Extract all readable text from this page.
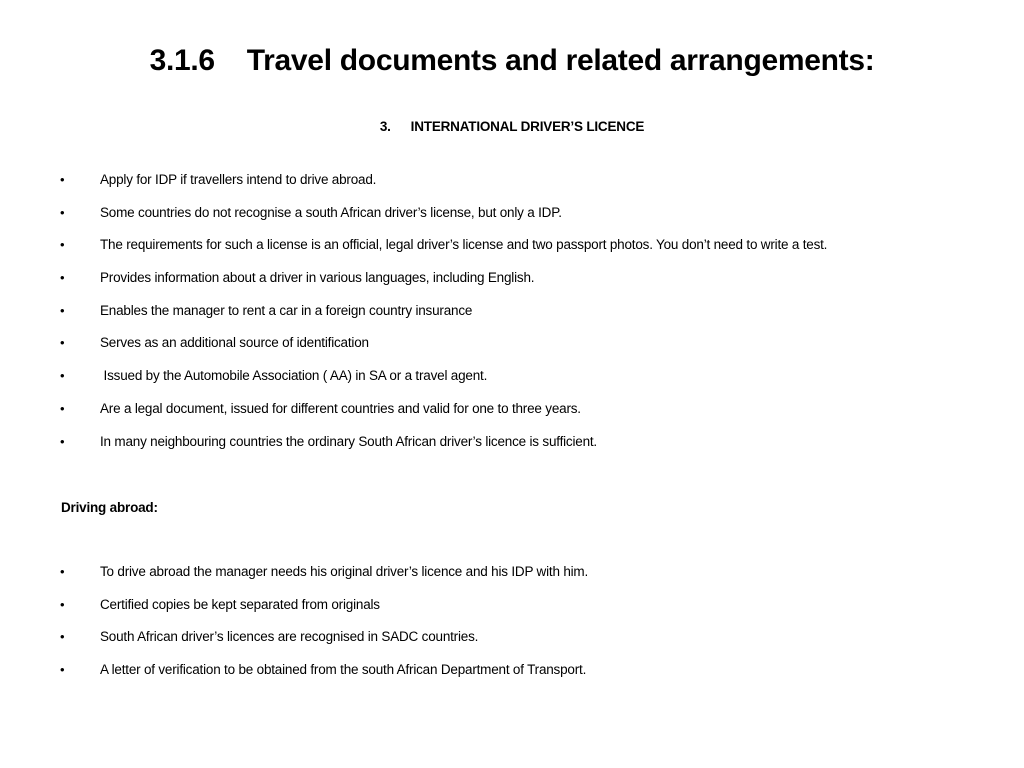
3.1.6 Travel documents and related arrangements:
3. INTERNATIONAL DRIVER’S LICENCE
•	Apply for IDP if travellers intend to drive abroad.
•	Some countries do not recognise a south African driver’s license, but only a IDP.
•	The requirements for such a license is an official, legal driver’s license and two passport photos. You don’t need to write a test.
•	Provides information about a driver in various languages, including English.
•	Enables the manager to rent a car in a foreign country insurance
•	Serves as an additional source of identification
•	Issued by the Automobile Association ( AA) in SA or a travel agent.
•	Are a legal document, issued for different countries and valid for one to three years.
•	In many neighbouring countries the ordinary South African driver’s licence is sufficient.
Driving abroad:
•	To drive abroad the manager needs his original driver’s licence and his IDP with him.
•	Certified copies be kept separated from originals
•	South African driver’s licences are recognised in SADC countries.
•	A letter of verification to be obtained from the south African Department of Transport.
